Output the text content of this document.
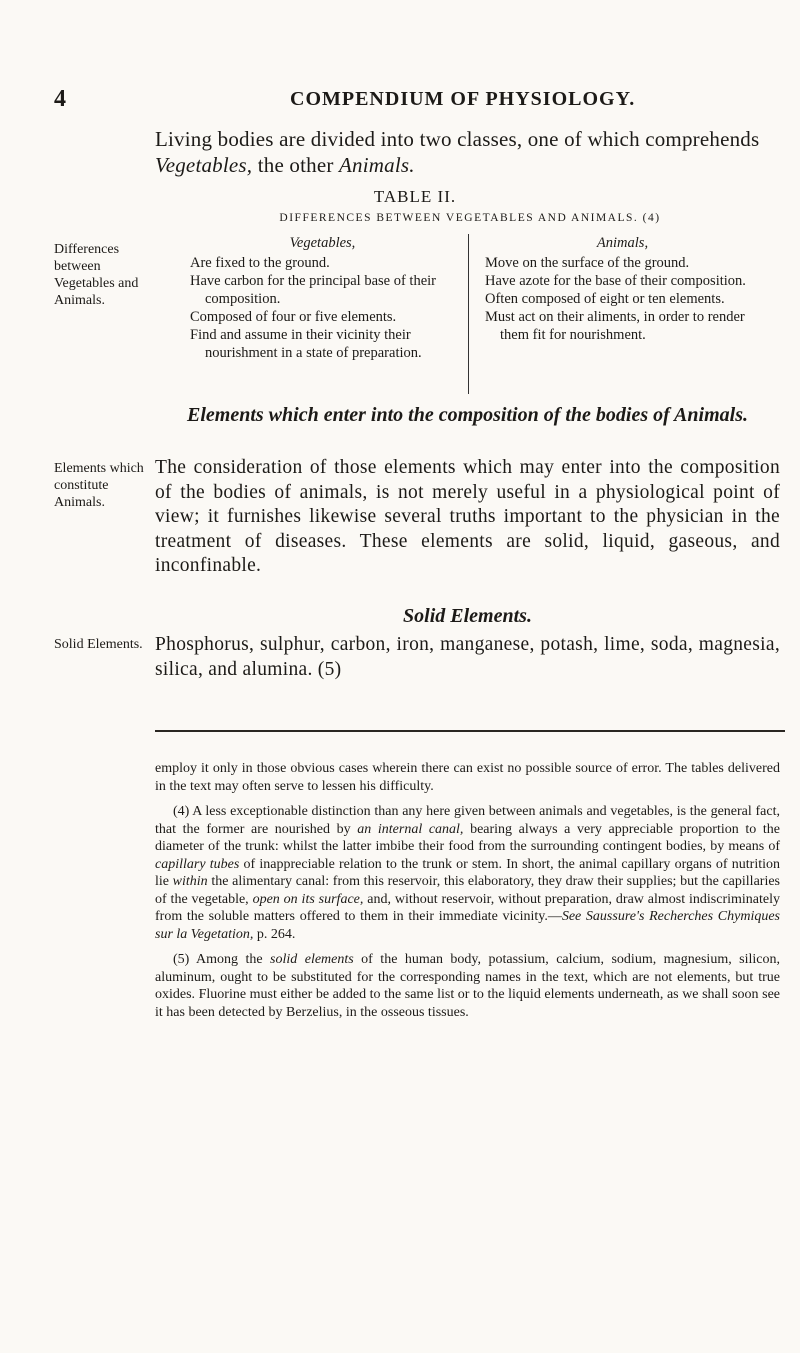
4	COMPENDIUM OF PHYSIOLOGY.
Living bodies are divided into two classes, one of which comprehends Vegetables, the other Animals.
TABLE II.
DIFFERENCES BETWEEN VEGETABLES AND ANIMALS. (4)
Differences between Vegetables and Animals.
Vegetables,

Are fixed to the ground.

Have carbon for the principal base of their composition.

Composed of four or five elements.

Find and assume in their vicinity their nourishment in a state of preparation.

Animals,

Move on the surface of the ground.

Have azote for the base of their composition.

Often composed of eight or ten elements.

Must act on their aliments, in order to render them fit for nourishment.

Elements which enter into the composition of the bodies of Animals.
Elements which constitute Animals.
The consideration of those elements which may enter into the composition of the bodies of animals, is not merely useful in a physiological point of view; it furnishes likewise several truths important to the physician in the treatment of diseases. These elements are solid, liquid, gaseous, and inconfinable.
Solid Elements.
Solid Elements. Phosphorus, sulphur, carbon, iron, manganese, potash, lime, soda, magnesia, silica, and alumina. (5)

employ it only in those obvious cases wherein there can exist no possible source of error. The tables delivered in the text may often serve to lessen his difficulty.

(4) A less exceptionable distinction than any here given between animals and vegetables, is the general fact, that the former are nourished by an internal canal, bearing always a very appreciable proportion to the diameter of the trunk: whilst the latter imbibe their food from the surrounding contingent bodies, by means of capillary tubes of inappreciable relation to the trunk or stem. In short, the animal capillary organs of nutrition lie within the alimentary canal: from this reservoir, this elaboratory, they draw their supplies; but the capillaries of the vegetable, open on its surface, and, without reservoir, without preparation, draw almost indiscriminately from the soluble matters offered to them in their immediate vicinity.—See Saussure's Recherches Chymiques sur la Vegetation, p. 264.

(5) Among the solid elements of the human body, potassium, calcium, sodium, magnesium, silicon, aluminum, ought to be substituted for the corresponding names in the text, which are not elements, but true oxides. Fluorine must either be added to the same list or to the liquid elements underneath, as we shall soon see it has been detected by Berzelius, in the osseous tissues.
